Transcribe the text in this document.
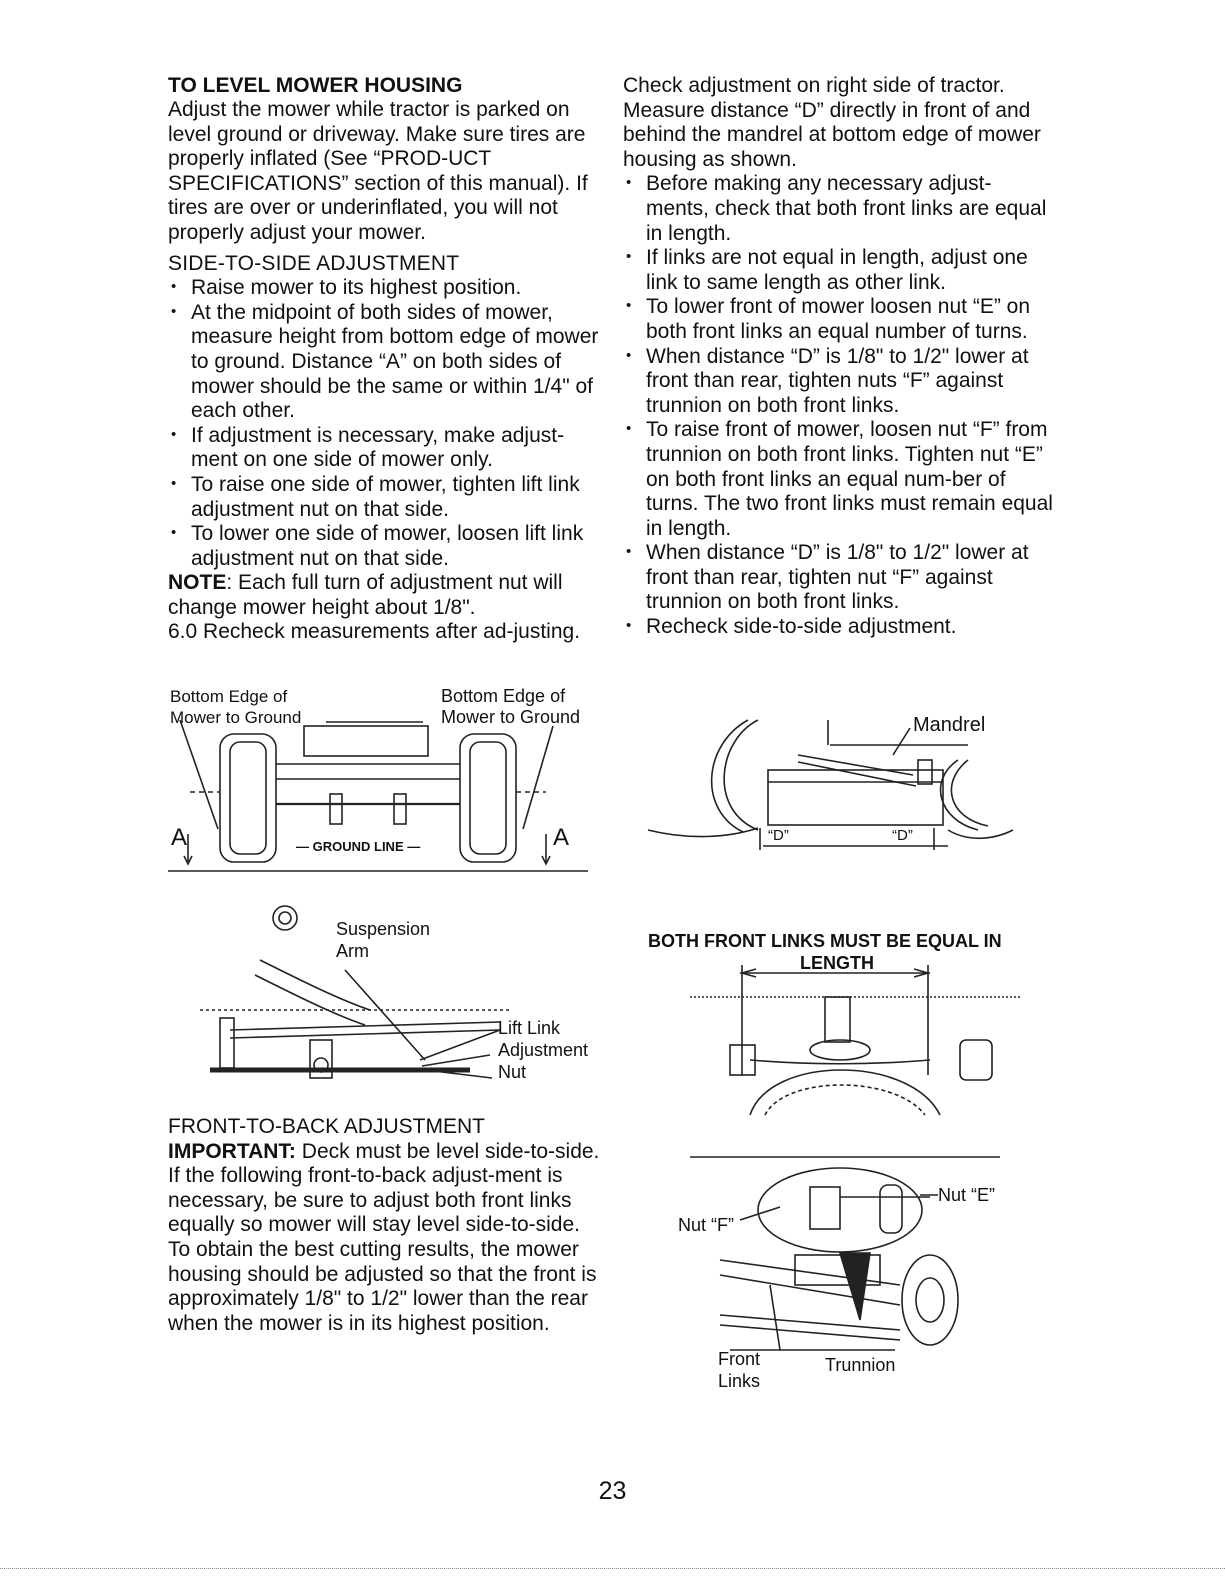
TO LEVEL MOWER HOUSING

Adjust the mower while tractor is parked on level ground or driveway. Make sure tires are properly inflated (See “PROD-UCT SPECIFICATIONS” section of this manual). If tires are over or underinflated, you will not properly adjust your mower.

SIDE-TO-SIDE ADJUSTMENT

• Raise mower to its highest position.
• At the midpoint of both sides of mower, measure height from bottom edge of mower to ground. Distance “A” on both sides of mower should be the same or within 1/4" of each other.
• If adjustment is necessary, make adjust-ment on one side of mower only.
• To raise one side of mower, tighten lift link adjustment nut on that side.
• To lower one side of mower, loosen lift link adjustment nut on that side.

NOTE: Each full turn of adjustment nut will change mower height about 1/8".

6.0 Recheck measurements after ad-justing.

Check adjustment on right side of tractor. Measure distance “D” directly in front of and behind the mandrel at bottom edge of mower housing as shown.

• Before making any necessary adjust-ments, check that both front links are equal in length.
• If links are not equal in length, adjust one link to same length as other link.
• To lower front of mower loosen nut “E” on both front links an equal number of turns.
• When distance “D” is 1/8" to 1/2" lower at front than rear, tighten nuts “F” against trunnion on both front links.
• To raise front of mower, loosen nut “F” from trunnion on both front links. Tighten nut “E” on both front links an equal num-ber of turns. The two front links must remain equal in length.
• When distance “D” is 1/8" to 1/2" lower at front than rear, tighten nut “F” against trunnion on both front links.
• Recheck side-to-side adjustment.
Bottom Edge of Mower to Ground
Bottom Edge of Mower to Ground
A	A
— GROUND LINE —
Mandrel
“D”	“D”
Suspension Arm
Lift Link Adjustment Nut

FRONT-TO-BACK ADJUSTMENT

IMPORTANT: Deck must be level side-to-side. If the following front-to-back adjust-ment is necessary, be sure to adjust both front links equally so mower will stay level side-to-side.

To obtain the best cutting results, the mower housing should be adjusted so that the front is approximately 1/8" to 1/2" lower than the rear when the mower is in its highest position.

BOTH FRONT LINKS MUST BE EQUAL IN
LENGTH
Nut “E”
Nut “F”
Front Links
Trunnion
23
